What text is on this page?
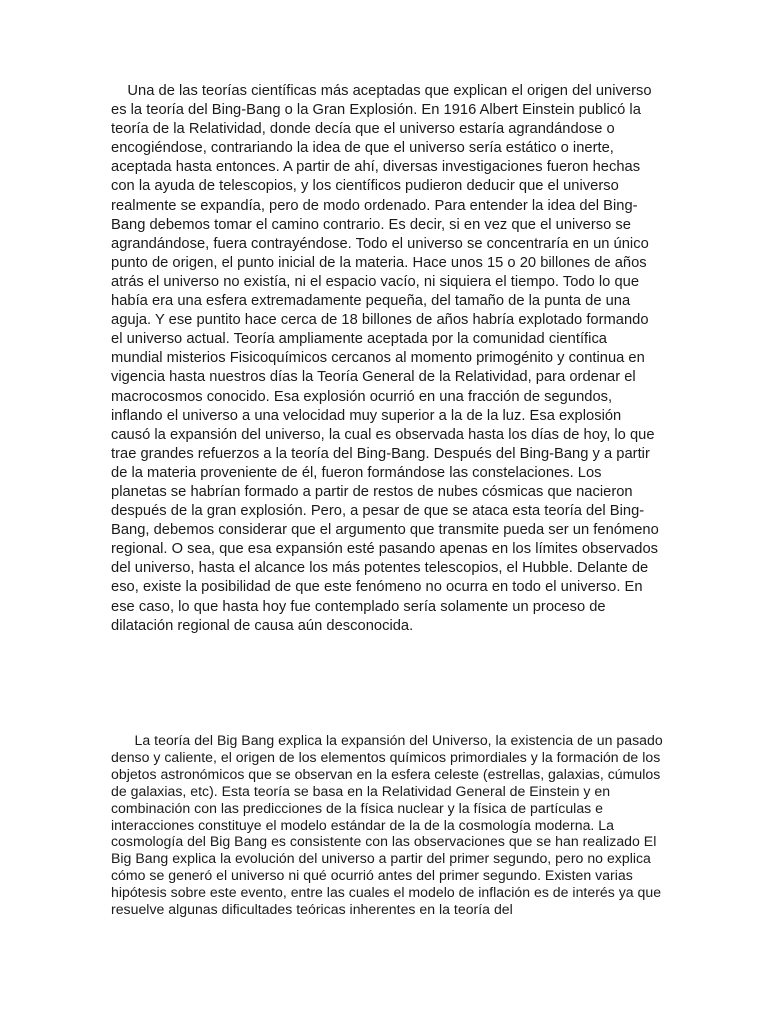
Una de las teorías científicas más aceptadas que explican el origen del universo es la teoría del Bing-Bang o la Gran Explosión. En 1916 Albert Einstein publicó la teoría de la Relatividad, donde decía que el universo estaría agrandándose o encogiéndose, contrariando la idea de que el universo sería estático o inerte, aceptada hasta entonces. A partir de ahí, diversas investigaciones fueron hechas con la ayuda de telescopios, y los científicos pudieron deducir que el universo realmente se expandía, pero de modo ordenado. Para entender la idea del Bing-Bang debemos tomar el camino contrario. Es decir, si en vez que el universo se agrandándose, fuera contrayéndose. Todo el universo se concentraría en un único punto de origen, el punto inicial de la materia. Hace unos 15 o 20 billones de años atrás el universo no existía, ni el espacio vacío, ni siquiera el tiempo. Todo lo que había era una esfera extremadamente pequeña, del tamaño de la punta de una aguja. Y ese puntito hace cerca de 18 billones de años habría explotado formando el universo actual. Teoría ampliamente aceptada por la comunidad científica mundial misterios Fisicoquímicos cercanos al momento primogénito y continua en vigencia hasta nuestros días la Teoría General de la Relatividad, para ordenar el macrocosmos conocido. Esa explosión ocurrió en una fracción de segundos, inflando el universo a una velocidad muy superior a la de la luz. Esa explosión causó la expansión del universo, la cual es observada hasta los días de hoy, lo que trae grandes refuerzos a la teoría del Bing-Bang. Después del Bing-Bang y a partir de la materia proveniente de él, fueron formándose las constelaciones. Los planetas se habrían formado a partir de restos de nubes cósmicas que nacieron después de la gran explosión. Pero, a pesar de que se ataca esta teoría del Bing-Bang, debemos considerar que el argumento que transmite pueda ser un fenómeno regional. O sea, que esa expansión esté pasando apenas en los límites observados del universo, hasta el alcance los más potentes telescopios, el Hubble. Delante de eso, existe la posibilidad de que este fenómeno no ocurra en todo el universo. En ese caso, lo que hasta hoy fue contemplado sería solamente un proceso de dilatación regional de causa aún desconocida.

La teoría del Big Bang explica la expansión del Universo, la existencia de un pasado denso y caliente, el origen de los elementos químicos primordiales y la formación de los objetos astronómicos que se observan en la esfera celeste (estrellas, galaxias, cúmulos de galaxias, etc). Esta teoría se basa en la Relatividad General de Einstein y en combinación con las predicciones de la física nuclear y la física de partículas e interacciones constituye el modelo estándar de la de la cosmología moderna. La cosmología del Big Bang es consistente con las observaciones que se han realizado El Big Bang explica la evolución del universo a partir del primer segundo, pero no explica cómo se generó el universo ni qué ocurrió antes del primer segundo. Existen varias hipótesis sobre este evento, entre las cuales el modelo de inflación es de interés ya que resuelve algunas dificultades teóricas inherentes en la teoría del
